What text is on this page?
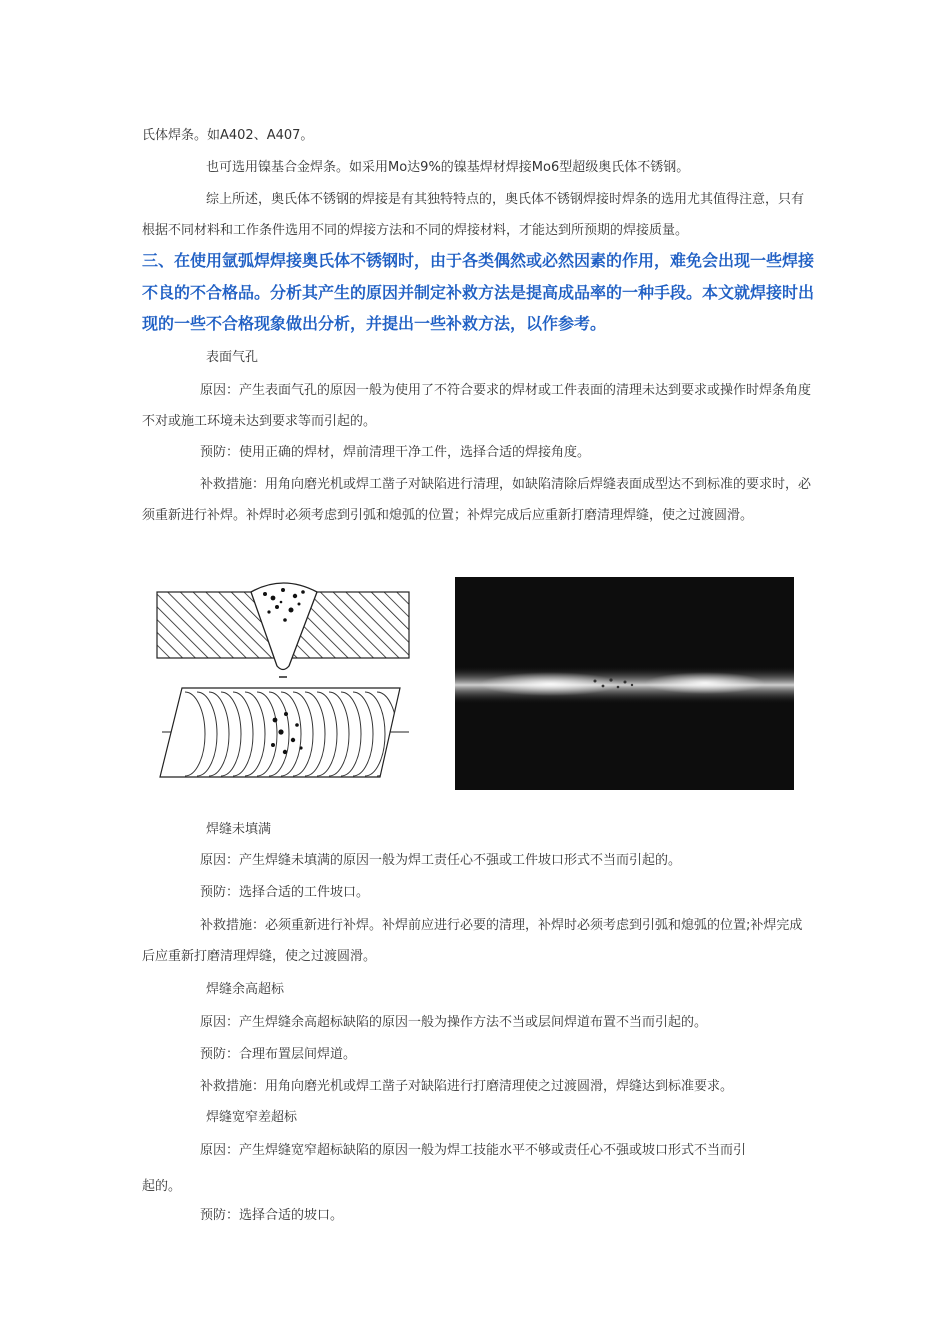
氏体焊条。如A402、A407。

也可选用镍基合金焊条。如采用Mo达9%的镍基焊材焊接Mo6型超级奥氏体不锈钢。

综上所述，奥氏体不锈钢的焊接是有其独特特点的，奥氏体不锈钢焊接时焊条的选用尤其值得注意，只有根据不同材料和工作条件选用不同的焊接方法和不同的焊接材料，才能达到所预期的焊接质量。

三、在使用氩弧焊焊接奥氏体不锈钢时，由于各类偶然或必然因素的作用，难免会出现一些焊接不良的不合格品。分析其产生的原因并制定补救方法是提高成品率的一种手段。本文就焊接时出现的一些不合格现象做出分析，并提出一些补救方法，以作参考。

表面气孔

原因：产生表面气孔的原因一般为使用了不符合要求的焊材或工件表面的清理未达到要求或操作时焊条角度不对或施工环境未达到要求等而引起的。

预防：使用正确的焊材，焊前清理干净工件，选择合适的焊接角度。

补救措施：用角向磨光机或焊工凿子对缺陷进行清理，如缺陷清除后焊缝表面成型达不到标准的要求时，必须重新进行补焊。补焊时必须考虑到引弧和熄弧的位置；补焊完成后应重新打磨清理焊缝，使之过渡圆滑。

焊缝未填满

原因：产生焊缝未填满的原因一般为焊工责任心不强或工件坡口形式不当而引起的。

预防：选择合适的工件坡口。

补救措施：必须重新进行补焊。补焊前应进行必要的清理，补焊时必须考虑到引弧和熄弧的位置;补焊完成后应重新打磨清理焊缝，使之过渡圆滑。

焊缝余高超标

原因：产生焊缝余高超标缺陷的原因一般为操作方法不当或层间焊道布置不当而引起的。

预防：合理布置层间焊道。

补救措施：用角向磨光机或焊工凿子对缺陷进行打磨清理使之过渡圆滑，焊缝达到标准要求。

焊缝宽窄差超标

原因：产生焊缝宽窄超标缺陷的原因一般为焊工技能水平不够或责任心不强或坡口形式不当而引

起的。

预防：选择合适的坡口。
